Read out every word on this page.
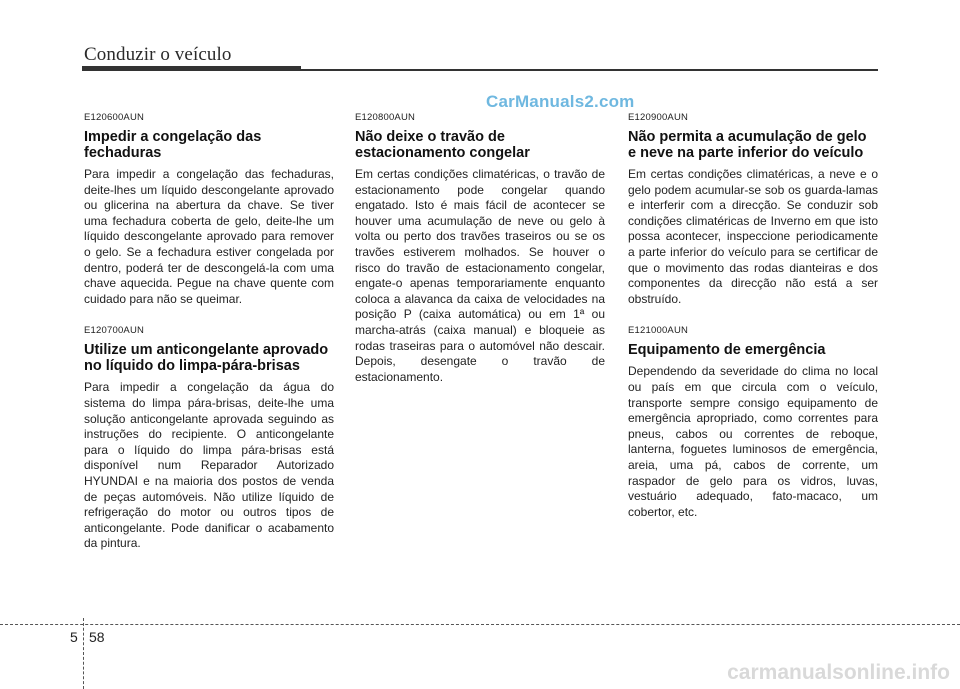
Conduzir o veículo
CarManuals2.com
E120600AUN
Impedir a congelação das fechaduras

Para impedir a congelação das fechaduras, deite-lhes um líquido descongelante aprovado ou glicerina na abertura da chave. Se tiver uma fechadura coberta de gelo, deite-lhe um líquido descongelante aprovado para remover o gelo. Se a fechadura estiver congelada por dentro, poderá ter de descongelá-la com uma chave aquecida. Pegue na chave quente com cuidado para não se queimar.

E120700AUN
Utilize um anticongelante aprovado no líquido do limpa-pára-brisas

Para impedir a congelação da água do sistema do limpa pára-brisas, deite-lhe uma solução anticongelante aprovada seguindo as instruções do recipiente. O anticongelante para o líquido do limpa pára-brisas está disponível num Reparador Autorizado HYUNDAI e na maioria dos postos de venda de peças automóveis. Não utilize líquido de refrigeração do motor ou outros tipos de anticongelante. Pode danificar o acabamento da pintura.

E120800AUN
Não deixe o travão de estacionamento congelar

Em certas condições climatéricas, o travão de estacionamento pode congelar quando engatado. Isto é mais fácil de acontecer se houver uma acumulação de neve ou gelo à volta ou perto dos travões traseiros ou se os travões estiverem molhados. Se houver o risco do travão de estacionamento congelar, engate-o apenas temporariamente enquanto coloca a alavanca da caixa de velocidades na posição P (caixa automática) ou em 1ª ou marcha-atrás (caixa manual) e bloqueie as rodas traseiras para o automóvel não descair. Depois, desengate o travão de estacionamento.

E120900AUN
Não permita a acumulação de gelo e neve na parte inferior do veículo

Em certas condições climatéricas, a neve e o gelo podem acumular-se sob os guarda-lamas e interferir com a direcção. Se conduzir sob condições climatéricas de Inverno em que isto possa acontecer, inspeccione periodicamente a parte inferior do veículo para se certificar de que o movimento das rodas dianteiras e dos componentes da direcção não está a ser obstruído.

E121000AUN
Equipamento de emergência

Dependendo da severidade do clima no local ou país em que circula com o veículo, transporte sempre consigo equipamento de emergência apropriado, como correntes para pneus, cabos ou correntes de reboque, lanterna, foguetes luminosos de emergência, areia, uma pá, cabos de corrente, um raspador de gelo para os vidros, luvas, vestuário adequado, fato-macaco, um cobertor, etc.

5 58
carmanualsonline.info
